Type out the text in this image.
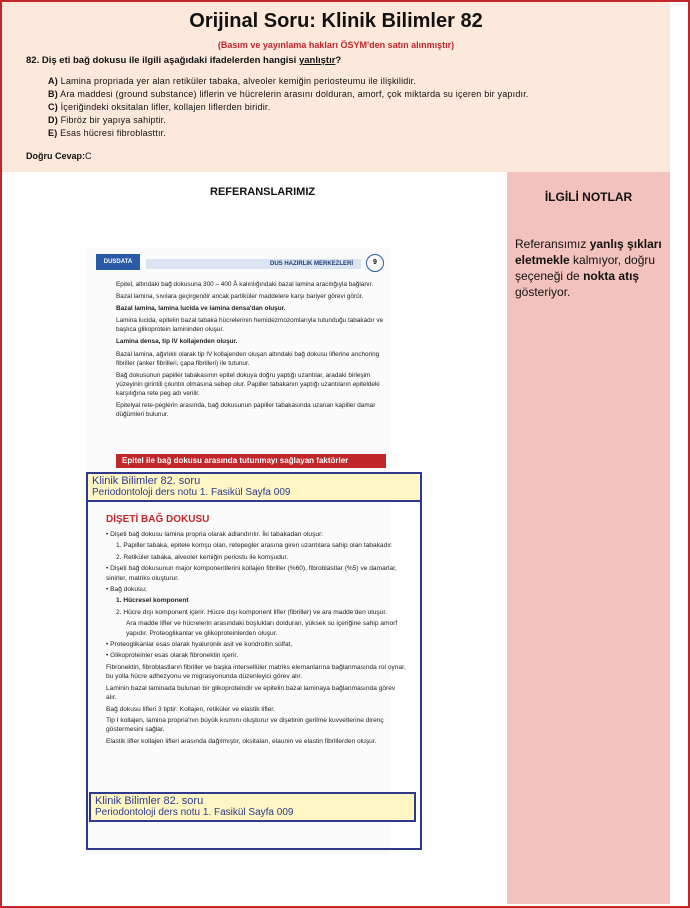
Orijinal Soru: Klinik Bilimler 82
(Basım ve yayınlama hakları ÖSYM'den satın alınmıştır)
82. Diş eti bağ dokusu ile ilgili aşağıdaki ifadelerden hangisi yanlıştır?
A) Lamina propriada yer alan retiküler tabaka, alveoler kemiğin periosteumu ile ilişkilidir.
B) Ara maddesi (ground substance) liflerin ve hücrelerin arasını dolduran, amorf, çok miktarda su içeren bir yapıdır.
C) İçeriğindeki oksitalan lifler, kollajen liflerden biridir.
D) Fibröz bir yapıya sahiptir.
E) Esas hücresi fibroblasttır.
Doğru Cevap:C
REFERANSLARIMIZ
DUSDATA	DUS HAZIRLIK MERKEZLERİ	9

Epitel, altındaki bağ dokusuna 300 – 400 Å kalınlığındaki bazal lamina aracılığıyla bağlanır.

Bazal lamina, sıvılara geçirgendir ancak partiküler maddelere karşı bariyer görevi görür.

Bazal lamina, lamina lucida ve lamina densa'dan oluşur.

Lamina lucida, epitelin bazal tabaka hücrelerinin hemidezmozomlarıyla tutunduğu tabakadır ve başlıca glikoprotein lamininden oluşur.

Lamina densa, tip IV kollajenden oluşur.

Bazal lamina, ağırlıklı olarak tip IV kollajenden oluşan altındaki bağ dokusu liflerine anchoring fibriller (anker fibrilleri, çapa fibrilleri) ile tutunur.

Bağ dokusunun papiller tabakasının epitel dokuya doğru yaptığı uzantılar, aradaki birleşim yüzeyinin girintili çıkıntılı olmasına sebep olur. Papiller tabakanın yaptığı uzantıların epiteldeki karşılığına rete peg adı verilir.

Epitelyal rete-peglerin arasında, bağ dokusunun papiller tabakasında uzanan kapiller damar düğümleri bulunur.

Epitel ile bağ dokusu arasında tutunmayı sağlayan faktörler
DİŞETİ BAĞ DOKUSU

• Dişeti bağ dokusu lamina propria olarak adlandırılır. İki tabakadan oluşur:

1. Papiller tabaka, epitele komşu olan, retepegler arasına giren uzantılara sahip olan tabakadır.

2. Retiküler tabaka, alveoler kemiğin periostu ile komşudur.

• Dişeti bağ dokusunun major komponentlerini kollajen fibriller (%60), fibroblastlar (%5) ve damarlar, sinirler, matriks oluşturur.

• Bağ dokusu;

1. Hücresel komponent

2. Hücre dışı komponent içerir. Hücre dışı komponent lifler (fibriller) ve ara madde'den oluşur.

Ara madde lifler ve hücrelerin arasındaki boşlukları dolduran, yüksek su içeriğine sahip amorf yapıdır. Proteoglikanlar ve glikoproteinlerden oluşur.

• Proteoglikanlar esas olarak hyaluronik asit ve kondroitin sülfat,

• Glikoproteinler esas olarak fibronektin içerir.

Fibronektin, fibroblastların fibriller ve başka intersellüler matriks elemanlarına bağlanmasında rol oynar, bu yolla hücre adhezyonu ve migrasyonunda düzenleyici görev alır.

Laminin bazal laminada bulunan bir glikoproteindir ve epitelin bazal laminaya bağlanmasında görev alır.

Bağ dokusu lifleri 3 tiptir: Kollajen, retiküler ve elastik lifler.

Tip I kollajen, lamina propria'nın büyük kısmını oluşturur ve dişetinin gerilme kuvvetlerine direnç göstermesini sağlar.

Elastik lifler kollajen lifleri arasında dağılmıştır, oksitalan, elaunin ve elastin fibrillerden oluşur.

Klinik Bilimler 82. soru
Periodontoloji ders notu 1. Fasikül Sayfa 009
Klinik Bilimler 82. soru
Periodontoloji ders notu 1. Fasikül Sayfa 009
İLGİLİ NOTLAR
Referansımız yanlış şıkları eletmekle kalmıyor, doğru şeçeneği de nokta atış gösteriyor.
